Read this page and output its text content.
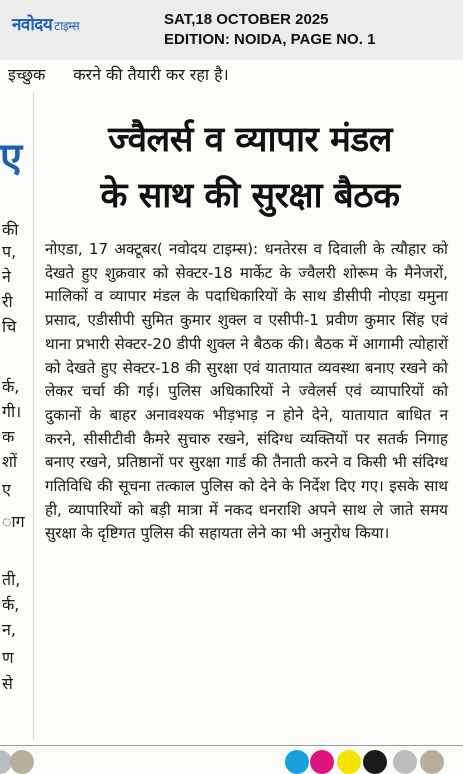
नवोदय टाइम्स	SAT,18 OCTOBER 2025
EDITION: NOIDA, PAGE NO. 1
इच्छुक करने की तैयारी कर रहा है।
ए
की
प,
ने
री
चि
र्क,
गी।
क
शों
ए
ाग
ती,
र्क,
न,
ण
से
ज्वैलर्स व व्यापार मंडल
के साथ की सुरक्षा बैठक
नोएडा, 17 अक्टूबर( नवोदय टाइम्स): धनतेरस व दिवाली के त्यौहार को देखते हुए शुक्रवार को सेक्टर-18 मार्केट के ज्वैलरी शोरूम के मैनेजरों, मालिकों व व्यापार मंडल के पदाधिकारियों के साथ डीसीपी नोएडा यमुना प्रसाद, एडीसीपी सुमित कुमार शुक्ल व एसीपी-1 प्रवीण कुमार सिंह एवं थाना प्रभारी सेक्टर-20 डीपी शुक्ल ने बैठक की। बैठक में आगामी त्योहारों को देखते हुए सेक्टर-18 की सुरक्षा एवं यातायात व्यवस्था बनाए रखने को लेकर चर्चा की गई। पुलिस अधिकारियों ने ज्वेलर्स एवं व्यापारियों को दुकानों के बाहर अनावश्यक भीड़भाड़ न होने देने, यातायात बाधित न करने, सीसीटीवी कैमरे सुचारु रखने, संदिग्ध व्यक्तियों पर सतर्क निगाह बनाए रखने, प्रतिष्ठानों पर सुरक्षा गार्ड की तैनाती करने व किसी भी संदिग्ध गतिविधि की सूचना तत्काल पुलिस को देने के निर्देश दिए गए। इसके साथ ही, व्यापारियों को बड़ी मात्रा में नकद धनराशि अपने साथ ले जाते समय सुरक्षा के दृष्टिगत पुलिस की सहायता लेने का भी अनुरोध किया।
